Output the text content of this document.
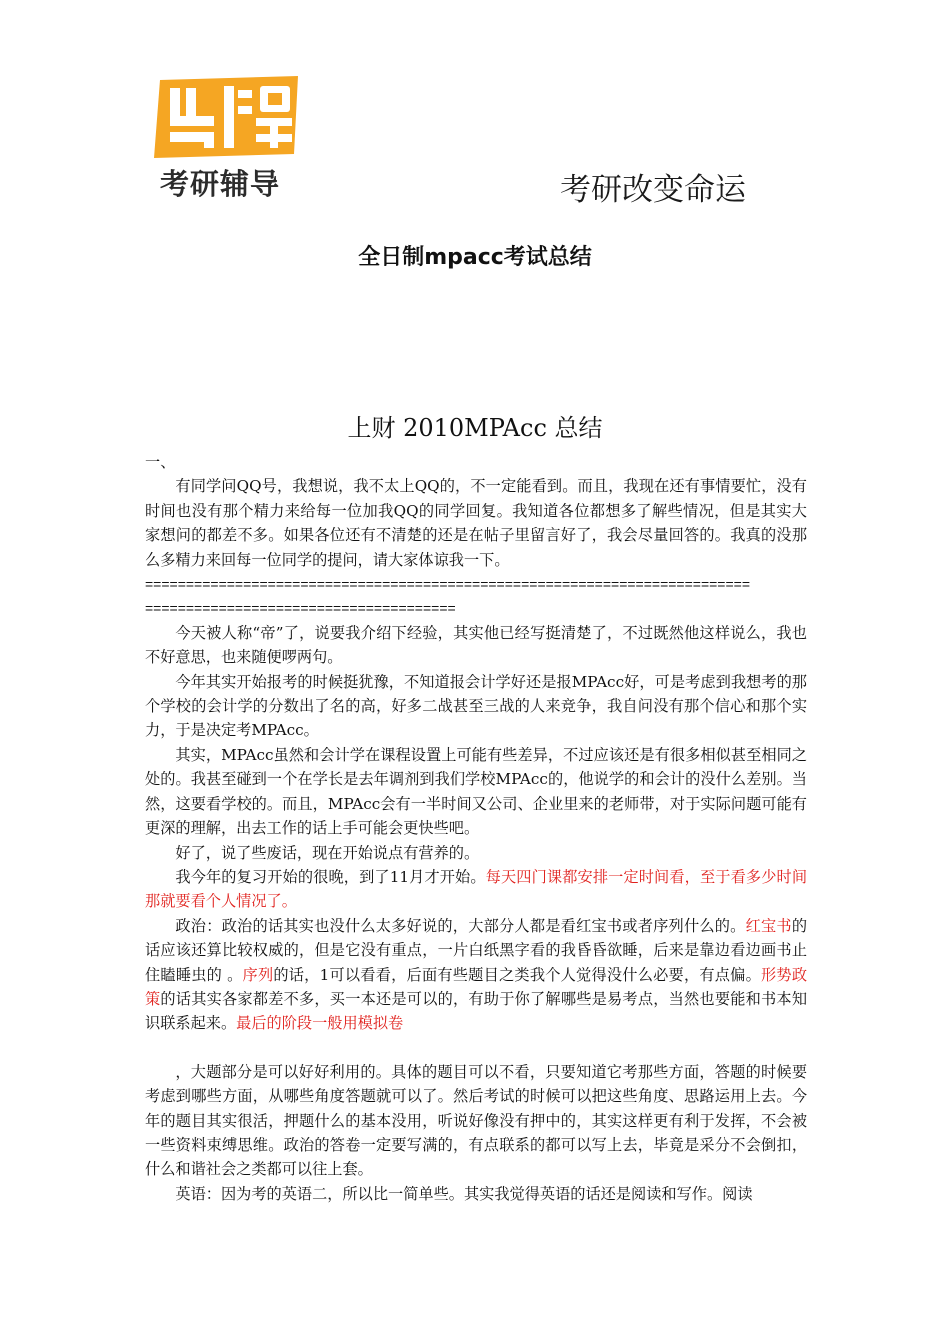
考研辅导	考研改变命运
全日制mpacc考试总结
上财 2010MPAcc 总结

一、

有同学问QQ号，我想说，我不太上QQ的，不一定能看到。而且，我现在还有事情要忙，没有时间也没有那个精力来给每一位加我QQ的同学回复。我知道各位都想多了解些情况，但是其实大家想问的都差不多。如果各位还有不清楚的还是在帖子里留言好了，我会尽量回答的。我真的没那么多精力来回每一位同学的提问，请大家体谅我一下。

==========================================================================

======================================

今天被人称“帝”了，说要我介绍下经验，其实他已经写挺清楚了，不过既然他这样说么，我也不好意思，也来随便啰两句。

今年其实开始报考的时候挺犹豫，不知道报会计学好还是报MPAcc好，可是考虑到我想考的那个学校的会计学的分数出了名的高，好多二战甚至三战的人来竞争，我自问没有那个信心和那个实力，于是决定考MPAcc。

其实，MPAcc虽然和会计学在课程设置上可能有些差异，不过应该还是有很多相似甚至相同之处的。我甚至碰到一个在学长是去年调剂到我们学校MPAcc的，他说学的和会计的没什么差别。当然，这要看学校的。而且，MPAcc会有一半时间又公司、企业里来的老师带，对于实际问题可能有更深的理解，出去工作的话上手可能会更快些吧。

好了，说了些废话，现在开始说点有营养的。

我今年的复习开始的很晚，到了11月才开始。每天四门课都安排一定时间看，至于看多少时间那就要看个人情况了。

政治：政治的话其实也没什么太多好说的，大部分人都是看红宝书或者序列什么的。红宝书的话应该还算比较权威的，但是它没有重点，一片白纸黑字看的我昏昏欲睡，后来是靠边看边画书止住瞌睡虫的 。序列的话，1可以看看，后面有些题目之类我个人觉得没什么必要，有点偏。形势政策的话其实各家都差不多，买一本还是可以的，有助于你了解哪些是易考点，当然也要能和书本知识联系起来。最后的阶段一般用模拟卷

，大题部分是可以好好利用的。具体的题目可以不看，只要知道它考那些方面，答题的时候要考虑到哪些方面，从哪些角度答题就可以了。然后考试的时候可以把这些角度、思路运用上去。今年的题目其实很活，押题什么的基本没用，听说好像没有押中的，其实这样更有利于发挥，不会被一些资料束缚思维。政治的答卷一定要写满的，有点联系的都可以写上去，毕竟是采分不会倒扣，什么和谐社会之类都可以往上套。

英语：因为考的英语二，所以比一简单些。其实我觉得英语的话还是阅读和写作。阅读
